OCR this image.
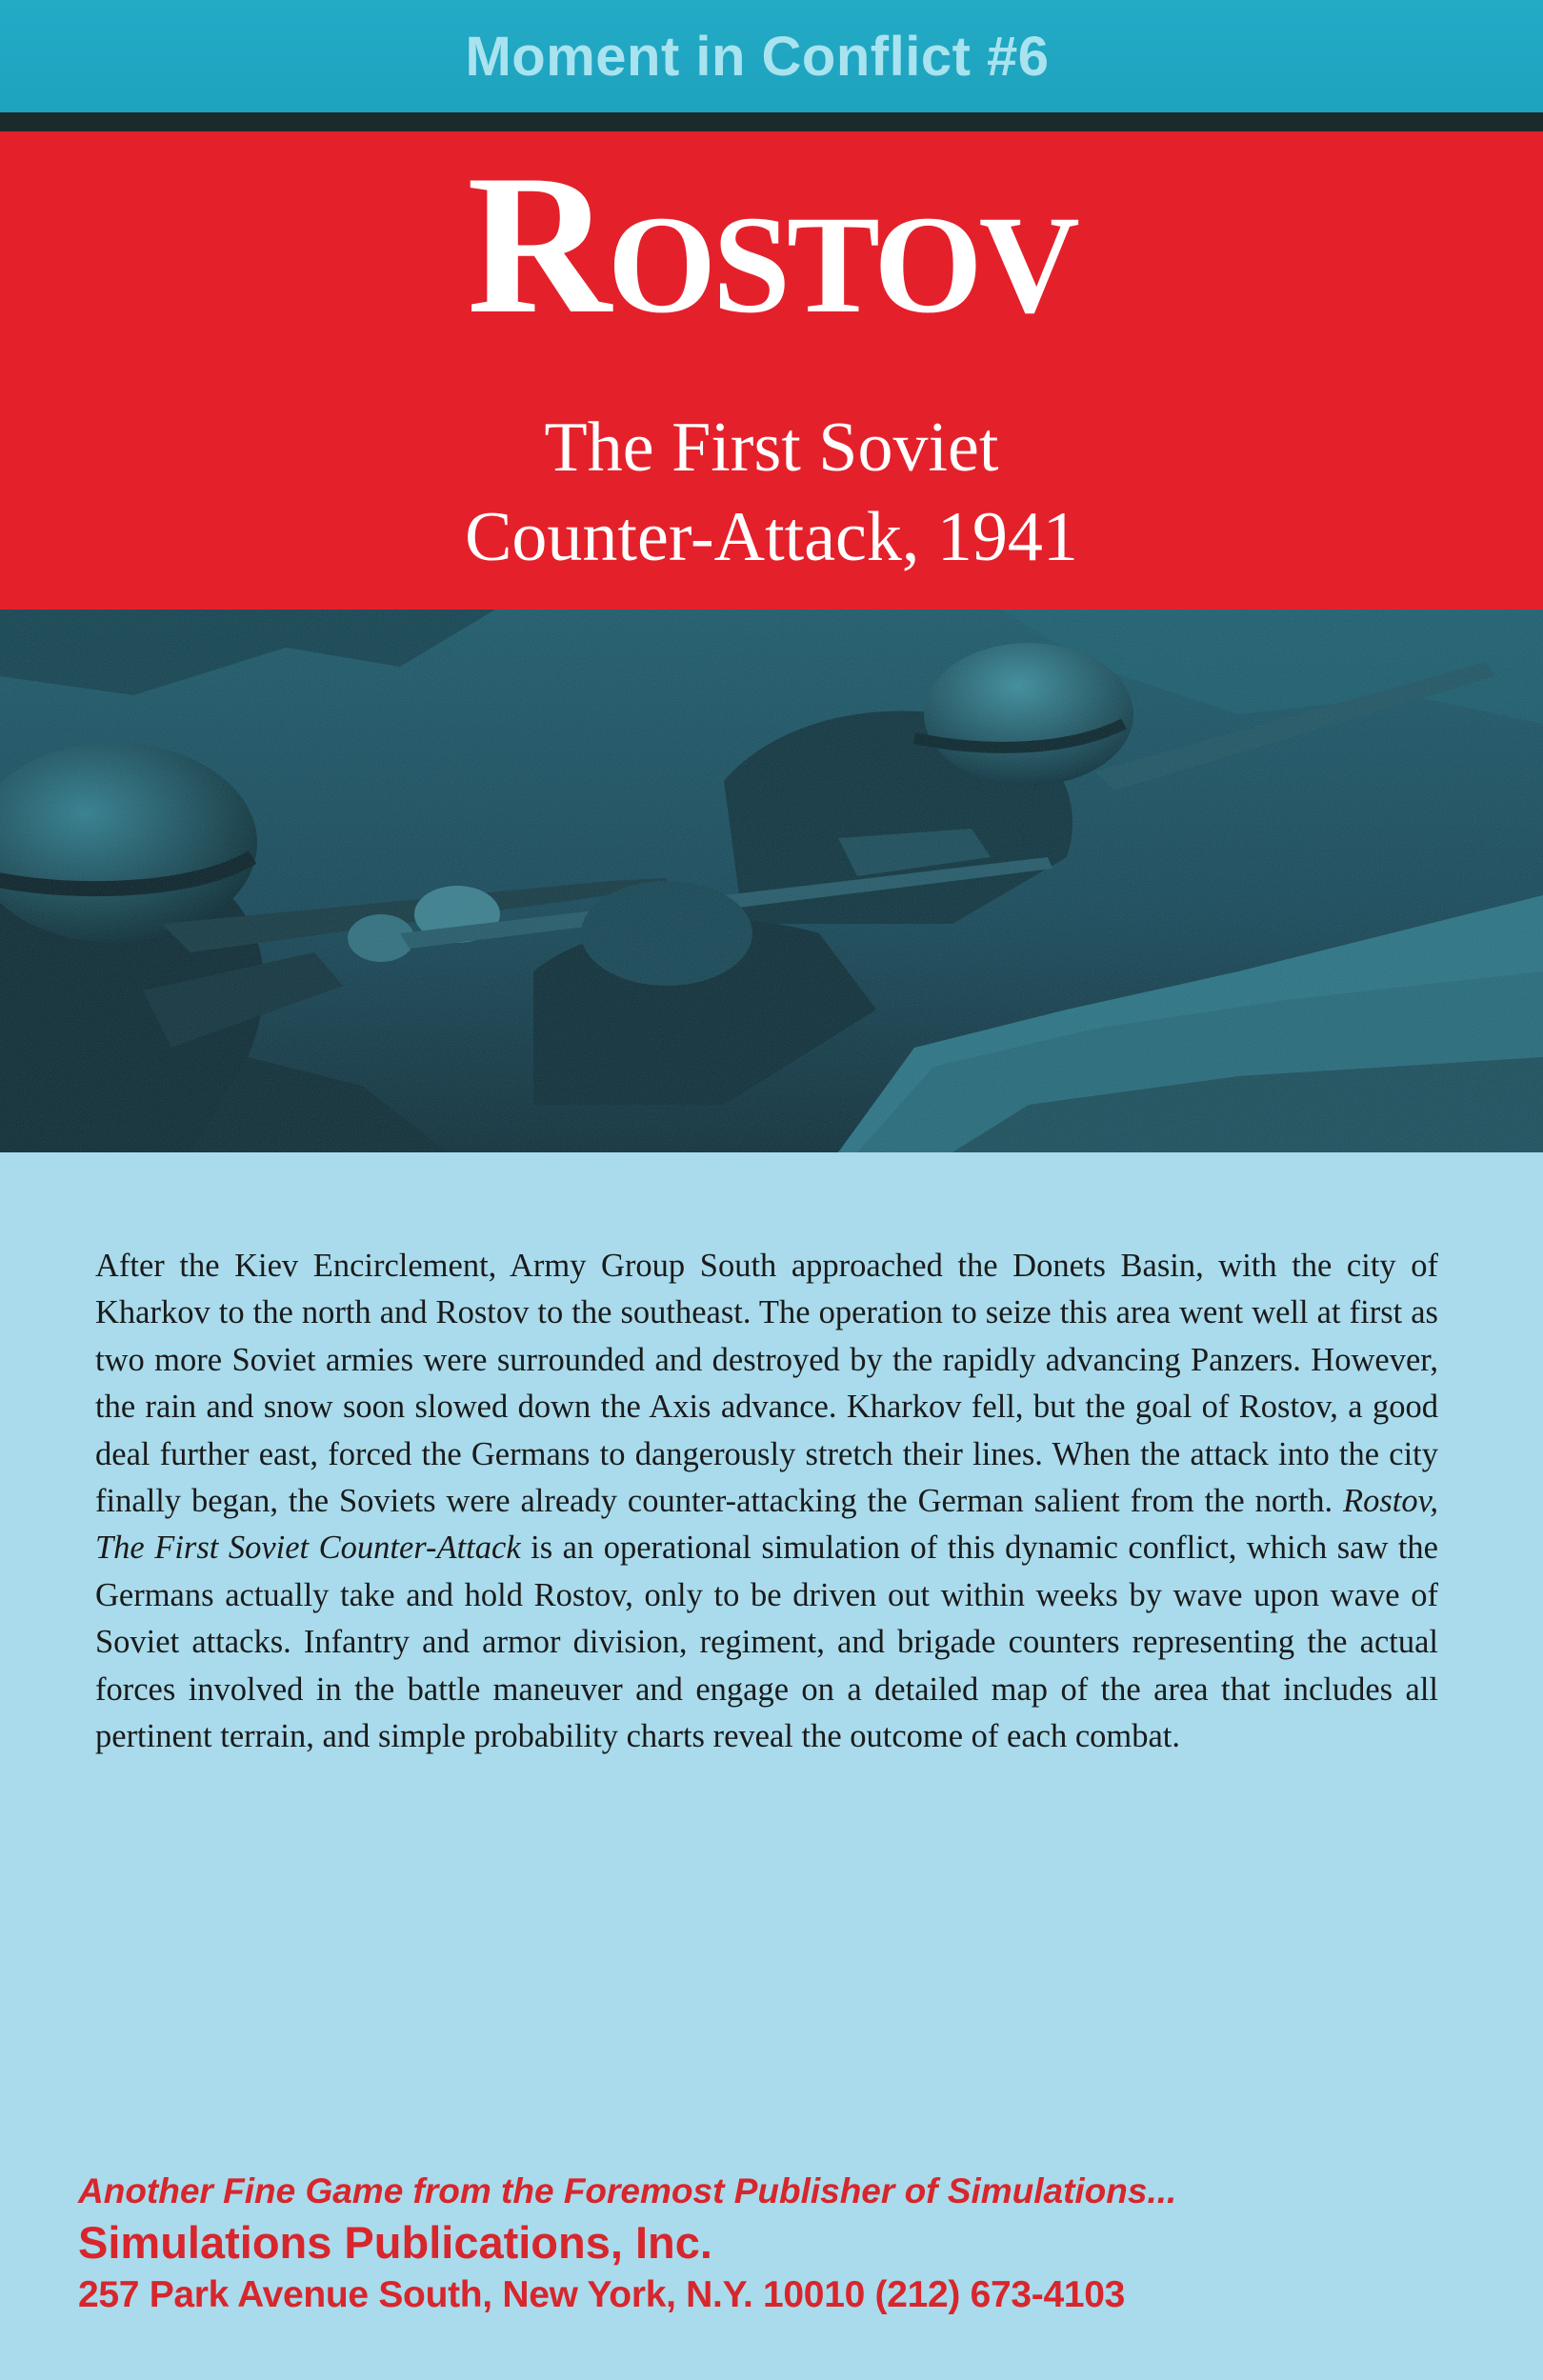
Moment in Conflict #6
Rostov
The First Soviet
Counter-Attack, 1941
After the Kiev Encirclement, Army Group South approached the Donets Basin, with the city of Kharkov to the north and Rostov to the southeast. The operation to seize this area went well at first as two more Soviet armies were surrounded and destroyed by the rapidly advancing Panzers. However, the rain and snow soon slowed down the Axis advance. Kharkov fell, but the goal of Rostov, a good deal further east, forced the Germans to dangerously stretch their lines. When the attack into the city finally began, the Soviets were already counter-attacking the German salient from the north. Rostov, The First Soviet Counter-Attack is an operational simulation of this dynamic conflict, which saw the Germans actually take and hold Rostov, only to be driven out within weeks by wave upon wave of Soviet attacks. Infantry and armor division, regiment, and brigade counters representing the actual forces involved in the battle maneuver and engage on a detailed map of the area that includes all pertinent terrain, and simple probability charts reveal the outcome of each combat.
Another Fine Game from the Foremost Publisher of Simulations...
Simulations Publications, Inc.
257 Park Avenue South, New York, N.Y. 10010 (212) 673-4103
